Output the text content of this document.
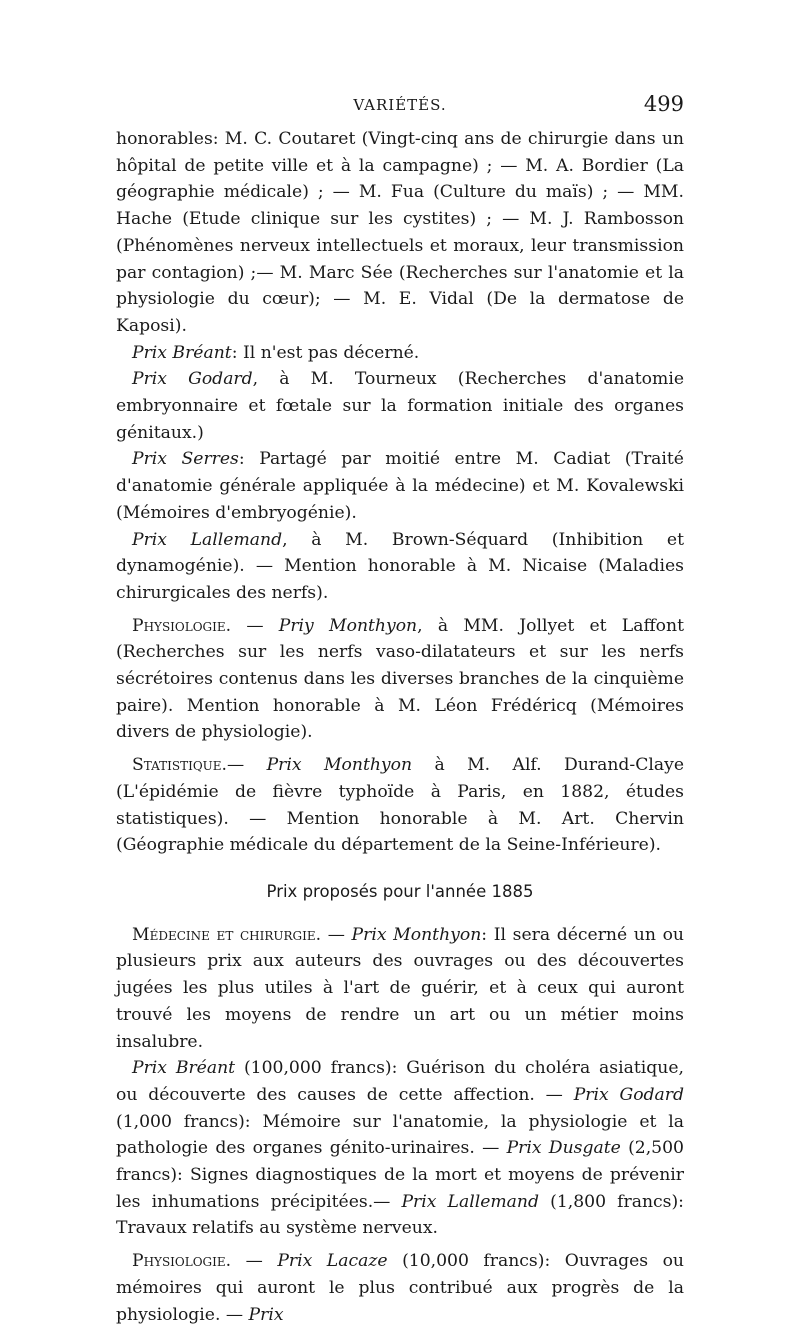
VARIÉTÉS.	499

honorables: M. C. Coutaret (Vingt-cinq ans de chirurgie dans un hôpital de petite ville et à la campagne) ; — M. A. Bordier (La géographie médicale) ; — M. Fua (Culture du maïs) ; — MM. Hache (Etude clinique sur les cystites) ; — M. J. Rambosson (Phénomènes nerveux intellectuels et moraux, leur transmission par contagion) ;— M. Marc Sée (Recherches sur l'anatomie et la physiologie du cœur); — M. E. Vidal (De la dermatose de Kaposi).

Prix Bréant: Il n'est pas décerné.

Prix Godard, à M. Tourneux (Recherches d'anatomie embryonnaire et fœtale sur la formation initiale des organes génitaux.)

Prix Serres: Partagé par moitié entre M. Cadiat (Traité d'anatomie générale appliquée à la médecine) et M. Kovalewski (Mémoires d'embryogénie).

Prix Lallemand, à M. Brown-Séquard (Inhibition et dynamogénie). — Mention honorable à M. Nicaise (Maladies chirurgicales des nerfs).

Physiologie. — Priy Monthyon, à MM. Jollyet et Laffont (Recherches sur les nerfs vaso-dilatateurs et sur les nerfs sécrétoires contenus dans les diverses branches de la cinquième paire). Mention honorable à M. Léon Frédéricq (Mémoires divers de physiologie).

Statistique.— Prix Monthyon à M. Alf. Durand-Claye (L'épidémie de fièvre typhoïde à Paris, en 1882, études statistiques). — Mention honorable à M. Art. Chervin (Géographie médicale du département de la Seine-Inférieure).

Prix proposés pour l'année 1885

Médecine et chirurgie. — Prix Monthyon: Il sera décerné un ou plusieurs prix aux auteurs des ouvrages ou des découvertes jugées les plus utiles à l'art de guérir, et à ceux qui auront trouvé les moyens de rendre un art ou un métier moins insalubre.

Prix Bréant (100,000 francs): Guérison du choléra asiatique, ou découverte des causes de cette affection. — Prix Godard (1,000 francs): Mémoire sur l'anatomie, la physiologie et la pathologie des organes génito-urinaires. — Prix Dusgate (2,500 francs): Signes diagnostiques de la mort et moyens de prévenir les inhumations précipitées.— Prix Lallemand (1,800 francs): Travaux relatifs au système nerveux.

Physiologie. — Prix Lacaze (10,000 francs): Ouvrages ou mémoires qui auront le plus contribué aux progrès de la physiologie. — Prix
